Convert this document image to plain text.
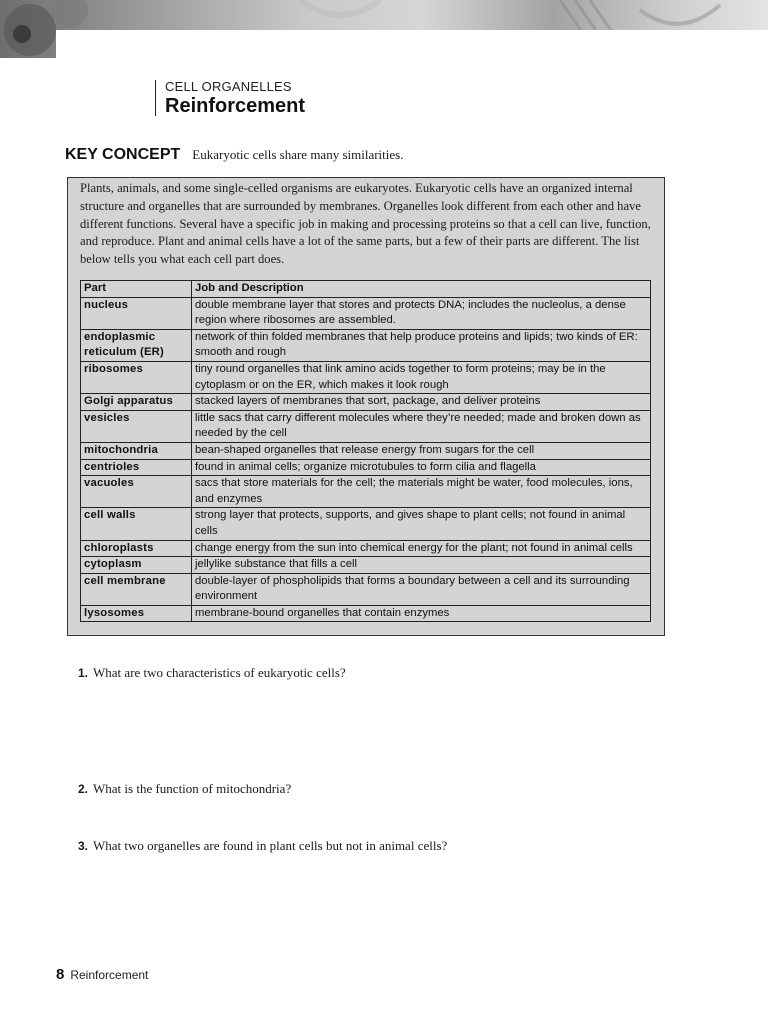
CELL ORGANELLES
Reinforcement
KEY CONCEPT Eukaryotic cells share many similarities.

Plants, animals, and some single-celled organisms are eukaryotes. Eukaryotic cells have an organized internal structure and organelles that are surrounded by membranes. Organelles look different from each other and have different functions. Several have a specific job in making and processing proteins so that a cell can live, function, and reproduce. Plant and animal cells have a lot of the same parts, but a few of their parts are different. The list below tells you what each cell part does.

Part	Job and Description
nucleus	double membrane layer that stores and protects DNA; includes the nucleolus, a dense region where ribosomes are assembled.
endoplasmic reticulum (ER)	network of thin folded membranes that help produce proteins and lipids; two kinds of ER: smooth and rough
ribosomes	tiny round organelles that link amino acids together to form proteins; may be in the cytoplasm or on the ER, which makes it look rough
Golgi apparatus	stacked layers of membranes that sort, package, and deliver proteins
vesicles	little sacs that carry different molecules where they’re needed; made and broken down as needed by the cell
mitochondria	bean-shaped organelles that release energy from sugars for the cell
centrioles	found in animal cells; organize microtubules to form cilia and flagella
vacuoles	sacs that store materials for the cell; the materials might be water, food molecules, ions, and enzymes
cell walls	strong layer that protects, supports, and gives shape to plant cells; not found in animal cells
chloroplasts	change energy from the sun into chemical energy for the plant; not found in animal cells
cytoplasm	jellylike substance that fills a cell
cell membrane	double-layer of phospholipids that forms a boundary between a cell and its surrounding environment
lysosomes	membrane-bound organelles that contain enzymes
1. What are two characteristics of eukaryotic cells?
2. What is the function of mitochondria?
3. What two organelles are found in plant cells but not in animal cells?
8 Reinforcement
